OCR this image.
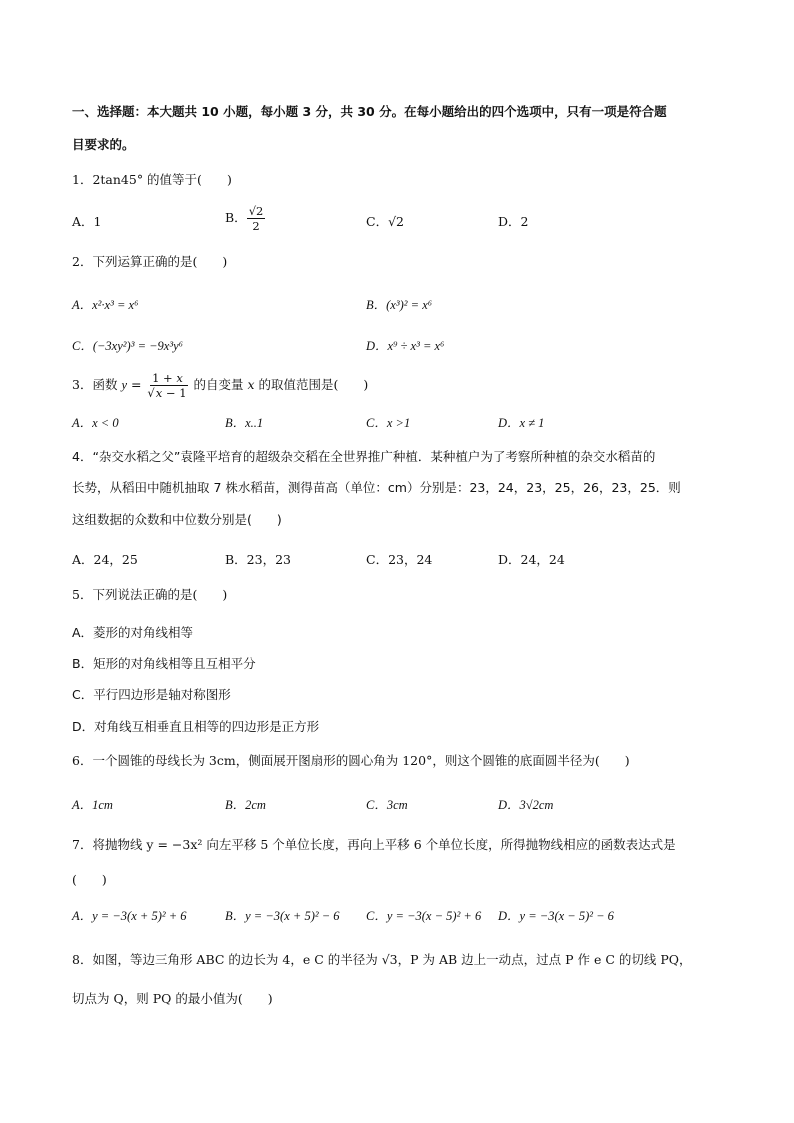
一、选择题：本大题共 10 小题，每小题 3 分，共 30 分。在每小题给出的四个选项中，只有一项是符合题
目要求的。
1．2tan45° 的值等于(　　)
A．1	B． $\frac{√2}{2}$	C．√2	D．2
2．下列运算正确的是(　　)
A．x²·x³ = x⁶	B．(x³)² = x⁶
C．(−3xy²)³ = −9x³y⁶	D．x⁹ ÷ x³ = x⁶
3．函数 $y = \frac{1 + x}{√x - 1}$ 的自变量 x 的取值范围是(　　)
A．x < 0	B．x..1	C．x >1	D．x ≠ 1
4．“杂交水稻之父”袁隆平培育的超级杂交稻在全世界推广种植．某种植户为了考察所种植的杂交水稻苗的
长势，从稻田中随机抽取 7 株水稻苗，测得苗高（单位：cm）分别是：23，24，23，25，26，23，25．则
这组数据的众数和中位数分别是(　　)
A．24，25	B．23，23	C．23，24	D．24，24
5．下列说法正确的是(　　)
A．菱形的对角线相等
B．矩形的对角线相等且互相平分
C．平行四边形是轴对称图形
D．对角线互相垂直且相等的四边形是正方形
6．一个圆锥的母线长为 3cm，侧面展开图扇形的圆心角为 120°，则这个圆锥的底面圆半径为(　　)
A．1cm	B．2cm	C．3cm	D．3√2cm
7．将抛物线 y = −3x² 向左平移 5 个单位长度，再向上平移 6 个单位长度，所得抛物线相应的函数表达式是
(　　)
A．y = −3(x + 5)² + 6	B．y = −3(x + 5)² − 6 C．y = −3(x − 5)² + 6 D．y = −3(x − 5)² − 6
8．如图，等边三角形 ABC 的边长为 4，e C 的半径为 √3，P 为 AB 边上一动点，过点 P 作 e C 的切线 PQ，
切点为 Q，则 PQ 的最小值为(　　)
